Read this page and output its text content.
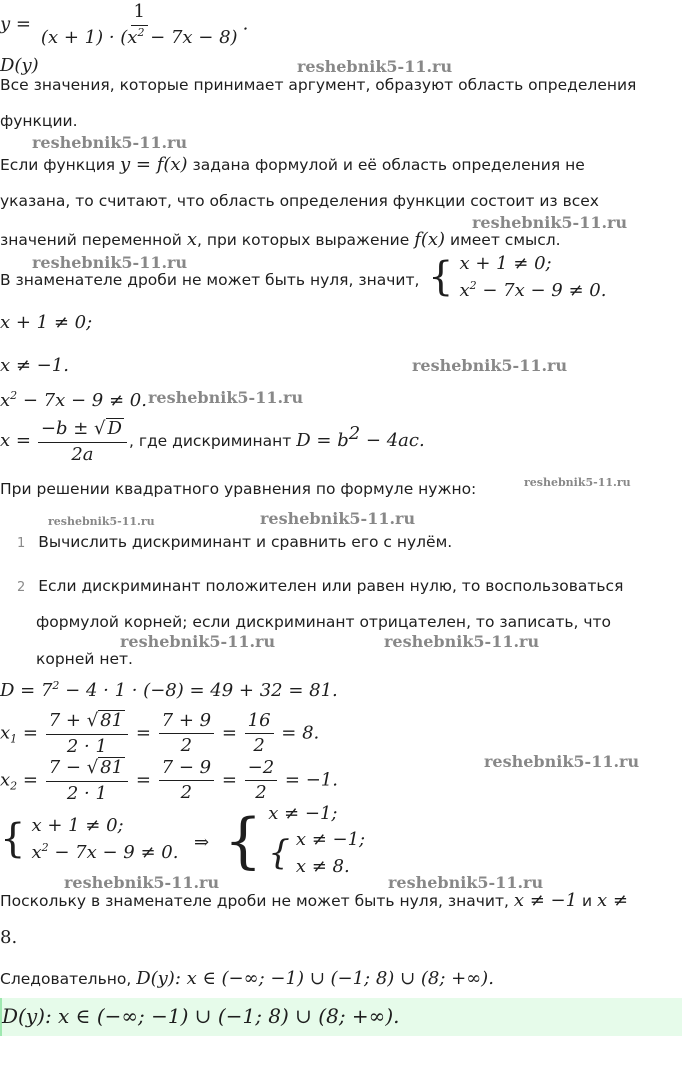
$y = \frac{1}{(x + 1) \cdot (x^2 - 7x - 8)}$ .
D(y)	reshebnik5-11.ru
Все значения, которые принимает аргумент, образуют область определения
функции.
reshebnik5-11.ru
Если функция y = f(x) задана формулой и её область определения не
указана, то считают, что область определения функции состоит из всех
reshebnik5-11.ru
значений переменной x, при которых выражение f(x) имеет смысл.
reshebnik5-11.ru
В знаменателе дроби не может быть нуля, значит, { x + 1 ≠ 0;
$x^2 - 7x - 9 \ne 0$.
x + 1 ≠ 0;
x ≠ −1.	reshebnik5-11.ru
$x^2 - 7x - 9 \ne 0$. reshebnik5-11.ru
$x = \frac{-b \pm √ D}{2a}$ , где дискриминант $D = b^2 - 4ac$.
При решении квадратного уравнения по формуле нужно:	reshebnik5-11.ru
reshebnik5-11.ru	reshebnik5-11.ru
1 Вычислить дискриминант и сравнить его с нулём.
2 Если дискриминант положителен или равен нулю, то воспользоваться
формулой корней; если дискриминант отрицателен, то записать, что
reshebnik5-11.ru	reshebnik5-11.ru
корней нет.
$D = 7^2 - 4 \cdot 1 \cdot (-8) = 49 + 32 = 81$.
$x_1 = \frac{7 + √ 81}{2 \cdot 1} = \frac{7 + 9}{2} = \frac{16}{2} = 8$.
reshebnik5-11.ru
$x_2 = \frac{7 - √ 81}{2 \cdot 1} = \frac{7 - 9}{2} = \frac{-2}{2} = -1$.
{ x + 1 ≠ 0;
$x^2 - 7x - 9 \ne 0$. ⇒ { x ≠ −1;
{ x ≠ −1;
x ≠ 8.
reshebnik5-11.ru	reshebnik5-11.ru
Поскольку в знаменателе дроби не может быть нуля, значит, x ≠ −1 и x ≠
8.
Следовательно, D(y): x ∈ (−∞; −1) ∪ (−1; 8) ∪ (8; +∞).
D(y): x ∈ (−∞; −1) ∪ (−1; 8) ∪ (8; +∞).
